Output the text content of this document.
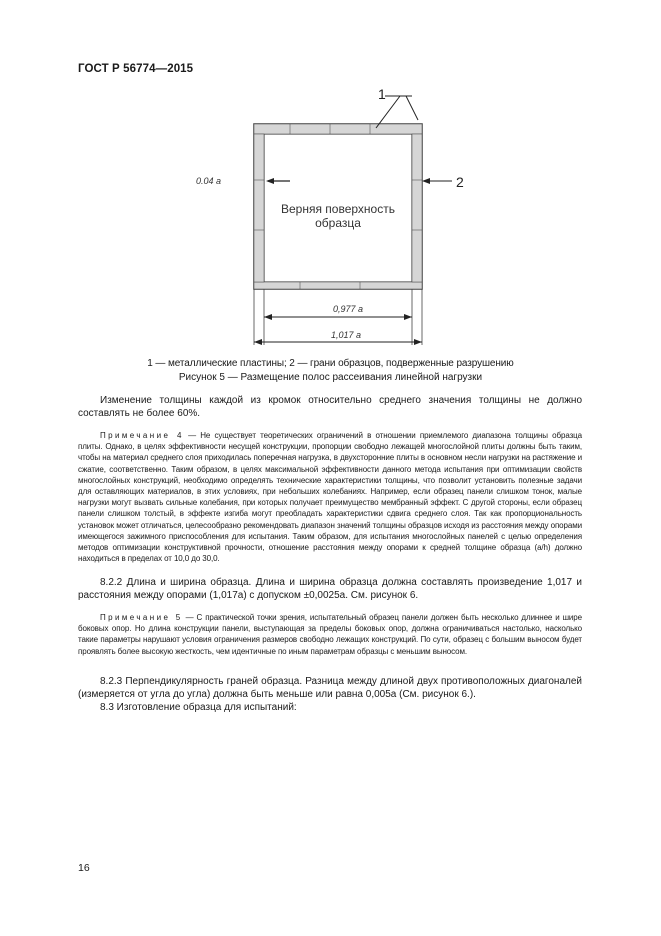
ГОСТ Р 56774—2015
1
2
0.04 a
Верняя поверхность
образца
0,977 a
1,017 a
1 — металлические пластины; 2 — грани образцов, подверженные разрушению
Рисунок 5 — Размещение полос рассеивания линейной нагрузки
Изменение толщины каждой из кромок относительно среднего значения толщины не должно составлять не более 60%.
Примечание 4 — Не существует теоретических ограничений в отношении приемлемого диапазона толщины образца плиты. Однако, в целях эффективности несущей конструкции, пропорции свободно лежащей многослойной плиты должны быть таким, чтобы на материал среднего слоя приходилась поперечная нагрузка, в двухсторонние плиты в основном несли нагрузки на растяжение и сжатие, соответственно. Таким образом, в целях максимальной эффективности данного метода испытания при оптимизации свойств многослойных конструкций, необходимо определять технические характеристики толщины, что позволит установить полезные задачи для оставляющих материалов, в этих условиях, при небольших колебаниях. Например, если образец панели слишком тонок, малые нагрузки могут вызвать сильные колебания, при которых получает преимущество мембранный эффект. С другой стороны, если образец панели слишком толстый, в эффекте изгиба могут преобладать характеристики сдвига среднего слоя. Так как пропорциональность установок может отличаться, целесообразно рекомендовать диапазон значений толщины образцов исходя из расстояния между опорами имеющегося зажимного приспособления для испытания. Таким образом, для испытания многослойных панелей с целью определения методов оптимизации конструктивной прочности, отношение расстояния между опорами к средней толщине образца (а/h) должно находиться в пределах от 10,0 до 30,0.
8.2.2 Длина и ширина образца. Длина и ширина образца должна составлять произведение 1,017 и расстояния между опорами (1,017a) с допуском ±0,0025a. См. рисунок 6.
Примечание 5 — С практической точки зрения, испытательный образец панели должен быть несколько длиннее и шире боковых опор. Но длина конструкции панели, выступающая за пределы боковых опор, должна ограничиваться настолько, насколько такие параметры нарушают условия ограничения размеров свободно лежащих конструкций. По сути, образец с большим выносом будет проявлять более высокую жесткость, чем идентичные по иным параметрам образцы с меньшим выносом.
8.2.3 Перпендикулярность граней образца. Разница между длиной двух противоположных диагоналей (измеряется от угла до угла) должна быть меньше или равна 0,005a (См. рисунок 6.).
8.3 Изготовление образца для испытаний:
16
